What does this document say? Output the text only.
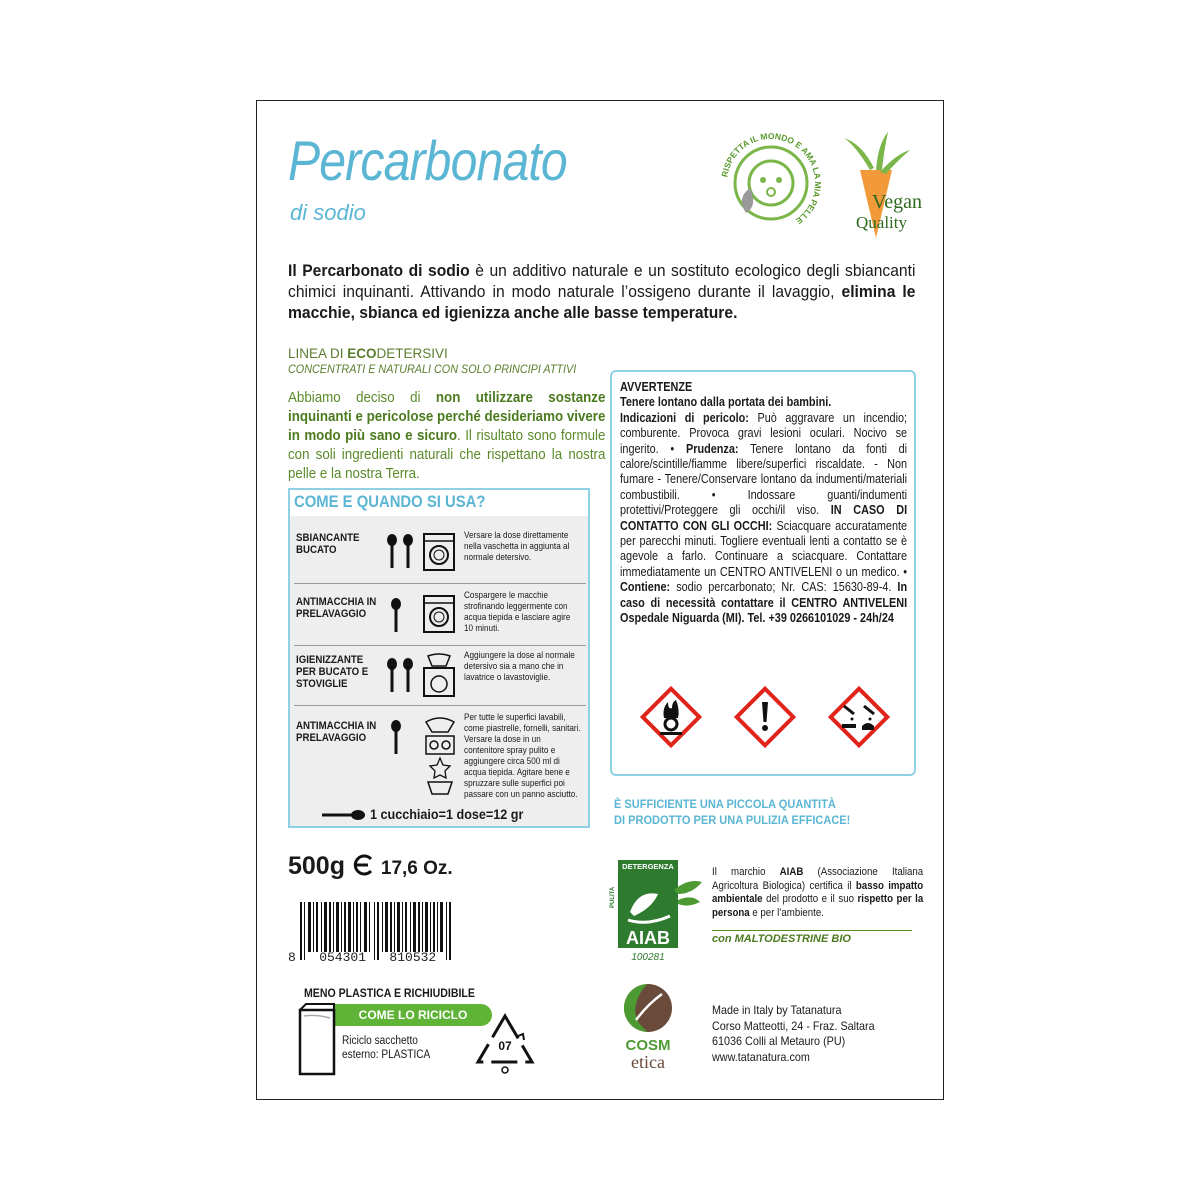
Percarbonato
di sodio
RISPETTA IL MONDO E AMA LA MIA PELLE
Vegan
Quality
Il Percarbonato di sodio è un additivo naturale e un sostituto ecologico degli sbiancanti chimici inquinanti. Attivando in modo naturale l’ossigeno durante il lavaggio, elimina le macchie, sbianca ed igienizza anche alle basse temperature.
LINEA DI ECODETERSIVI
CONCENTRATI E NATURALI CON SOLO PRINCIPI ATTIVI
Abbiamo deciso di non utilizzare sostanze inquinanti e pericolose perché desideriamo vivere in modo più sano e sicuro. Il risultato sono formule con soli ingredienti naturali che rispettano la nostra pelle e la nostra Terra.
COME E QUANDO SI USA?
SBIANCANTE BUCATO
Versare la dose direttamente nella vaschetta in aggiunta al normale detersivo.
ANTIMACCHIA IN PRELAVAGGIO
Cospargere le macchie strofinando leggermente con acqua tiepida e lasciare agire 10 minuti.
IGIENIZZANTE PER BUCATO E STOVIGLIE
Aggiungere la dose al normale detersivo sia a mano che in lavatrice o lavastoviglie.
ANTIMACCHIA IN PRELAVAGGIO
Per tutte le superfici lavabili, come piastrelle, fornelli, sanitari. Versare la dose in un contenitore spray pulito e aggiungere circa 500 ml di acqua tiepida. Agitare bene e spruzzare sulle superfici poi passare con un panno asciutto.
1 cucchiaio=1 dose=12 gr
AVVERTENZE
Tenere lontano dalla portata dei bambini.
Indicazioni di pericolo: Può aggravare un incendio; comburente. Provoca gravi lesioni oculari. Nocivo se ingerito. • Prudenza: Tenere lontano da fonti di calore/scintille/fiamme libere/superfici riscaldate. - Non fumare - Tenere/Conservare lontano da indumenti/materiali combustibili. • Indossare guanti/indumenti protettivi/Proteggere gli occhi/il viso. IN CASO DI CONTATTO CON GLI OCCHI: Sciacquare accuratamente per parecchi minuti. Togliere eventuali lenti a contatto se è agevole a farlo. Continuare a sciacquare. Contattare immediatamente un CENTRO ANTIVELENI o un medico. • Contiene: sodio percarbonato; Nr. CAS: 15630-89-4. In caso di necessità contattare il CENTRO ANTIVELENI Ospedale Niguarda (MI). Tel. +39 0266101029 - 24h/24
È SUFFICIENTE UNA PICCOLA QUANTITÀ
DI PRODOTTO PER UNA PULIZIA EFFICACE!
500g 17,6 Oz.
8   054301   810532
MENO PLASTICA E RICHIUDIBILE
COME LO RICICLO
Riciclo sacchetto
esterno: PLASTICA
07
DETERGENZA
PULITA
AIAB
100281
Il marchio AIAB (Associazione Italiana Agricoltura Biologica) certifica il basso impatto ambientale del prodotto e il suo rispetto per la persona e per l’ambiente.
con MALTODESTRINE BIO
COSM
etica
Made in Italy by Tatanatura
Corso Matteotti, 24 - Fraz. Saltara
61036 Colli al Metauro (PU)
www.tatanatura.com
